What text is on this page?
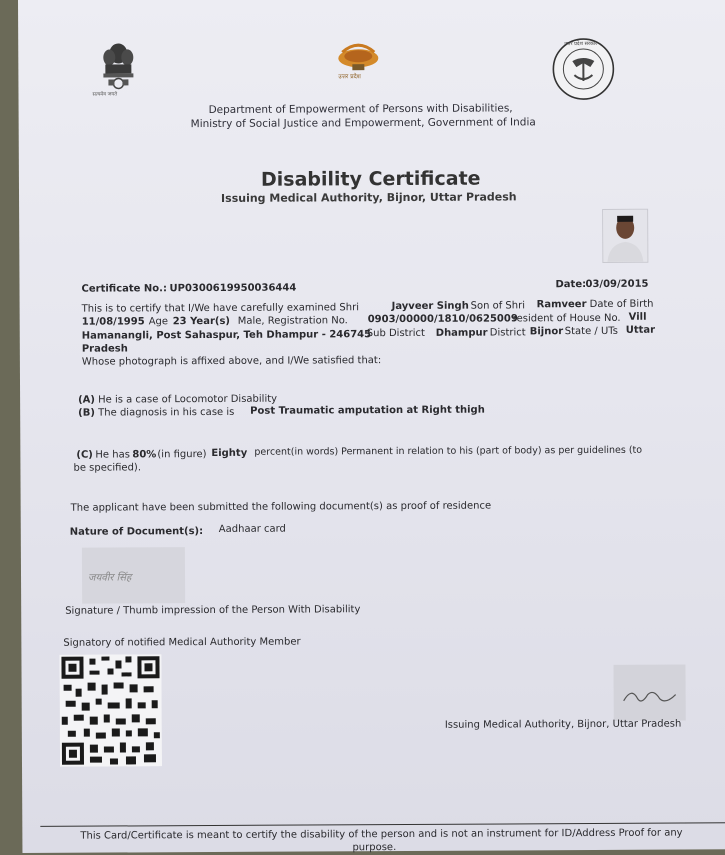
सत्यमेव जयते
उत्तर प्रदेश
उत्तर प्रदेश सरकार
Department of Empowerment of Persons with Disabilities,
Ministry of Social Justice and Empowerment, Government of India
Disability Certificate
Issuing Medical Authority, Bijnor, Uttar Pradesh
Certificate No.: UP0300619950036444	Date: 03/09/2015
This is to certify that I/We have carefully examined Shri	Jayveer Singh Son of Shri Ramveer Date of Birth
11/08/1995 Age 23 Year(s) Male, Registration No. 0903/00000/1810/0625009
resident of House No. Vill
Hamanangli, Post Sahaspur, Teh Dhampur - 246745
Sub District Dhampur District Bijnor State / UTs Uttar
Pradesh
Whose photograph is affixed above, and I/We satisfied that:
(A) He is a case of Locomotor Disability
(B) The diagnosis in his case is Post Traumatic amputation at Right thigh
(C) He has 80% (in figure) Eighty percent(in words) Permanent in relation to his (part of body) as per guidelines (to
be specified).
The applicant have been submitted the following document(s) as proof of residence
Nature of Document(s): Aadhaar card
जयवीर सिंह
Signature / Thumb impression of the Person With Disability
Signatory of notified Medical Authority Member
Issuing Medical Authority, Bijnor, Uttar Pradesh
This Card/Certificate is meant to certify the disability of the person and is not an instrument for ID/Address Proof for any
purpose.
